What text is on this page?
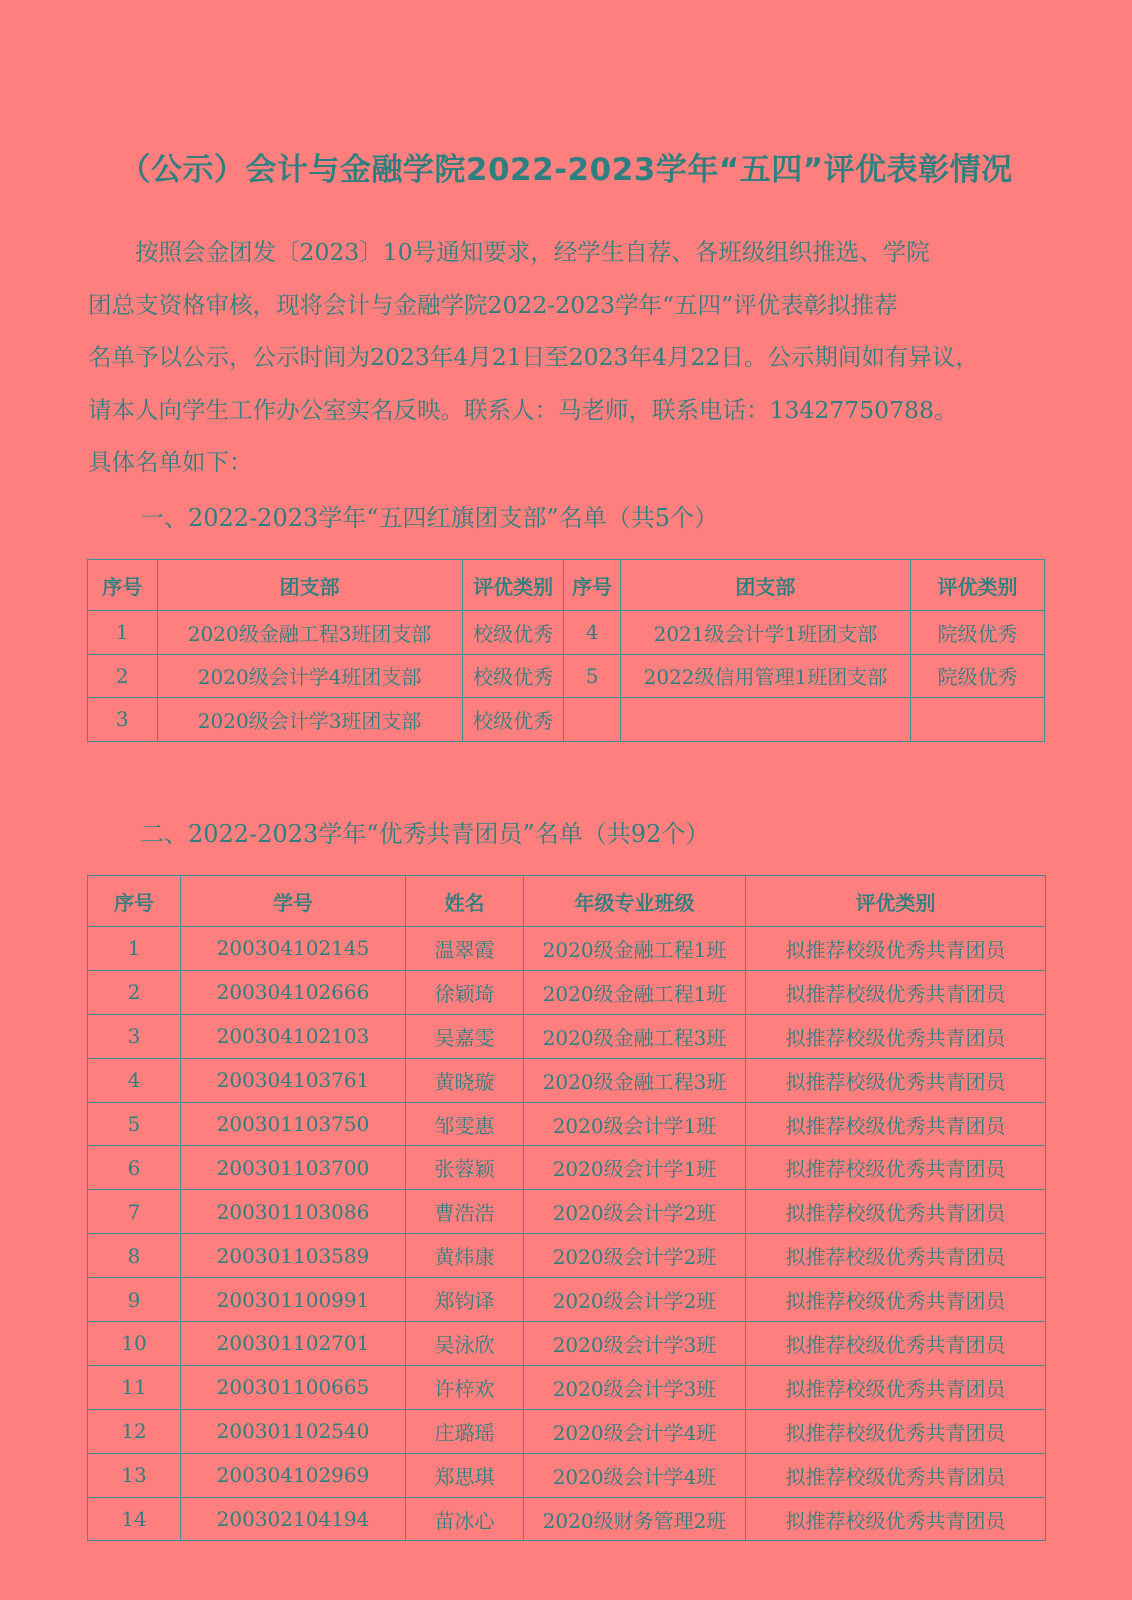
（公示）会计与金融学院2022-2023学年“五四”评优表彰情况
　　按照会金团发〔2023〕10号通知要求，经学生自荐、各班级组织推选、学院
团总支资格审核，现将会计与金融学院2022-2023学年“五四”评优表彰拟推荐
名单予以公示，公示时间为2023年4月21日至2023年4月22日。公示期间如有异议，
请本人向学生工作办公室实名反映。联系人：马老师，联系电话：13427750788。
具体名单如下：
一、2022-2023学年“五四红旗团支部”名单（共5个）
序号	团支部	评优类别	序号	团支部	评优类别
1	2020级金融工程3班团支部	校级优秀	4	2021级会计学1班团支部	院级优秀
2	2020级会计学4班团支部	校级优秀	5	2022级信用管理1班团支部	院级优秀
3	2020级会计学3班团支部	校级优秀			
二、2022-2023学年“优秀共青团员”名单（共92个）
序号	学号	姓名	年级专业班级	评优类别
1	200304102145	温翠霞	2020级金融工程1班	拟推荐校级优秀共青团员
2	200304102666	徐颖琦	2020级金融工程1班	拟推荐校级优秀共青团员
3	200304102103	吴嘉雯	2020级金融工程3班	拟推荐校级优秀共青团员
4	200304103761	黄晓璇	2020级金融工程3班	拟推荐校级优秀共青团员
5	200301103750	邹雯惠	2020级会计学1班	拟推荐校级优秀共青团员
6	200301103700	张蓉颖	2020级会计学1班	拟推荐校级优秀共青团员
7	200301103086	曹浩浩	2020级会计学2班	拟推荐校级优秀共青团员
8	200301103589	黄炜康	2020级会计学2班	拟推荐校级优秀共青团员
9	200301100991	郑钧译	2020级会计学2班	拟推荐校级优秀共青团员
10	200301102701	吴泳欣	2020级会计学3班	拟推荐校级优秀共青团员
11	200301100665	许梓欢	2020级会计学3班	拟推荐校级优秀共青团员
12	200301102540	庄璐瑶	2020级会计学4班	拟推荐校级优秀共青团员
13	200304102969	郑思琪	2020级会计学4班	拟推荐校级优秀共青团员
14	200302104194	苗冰心	2020级财务管理2班	拟推荐校级优秀共青团员
